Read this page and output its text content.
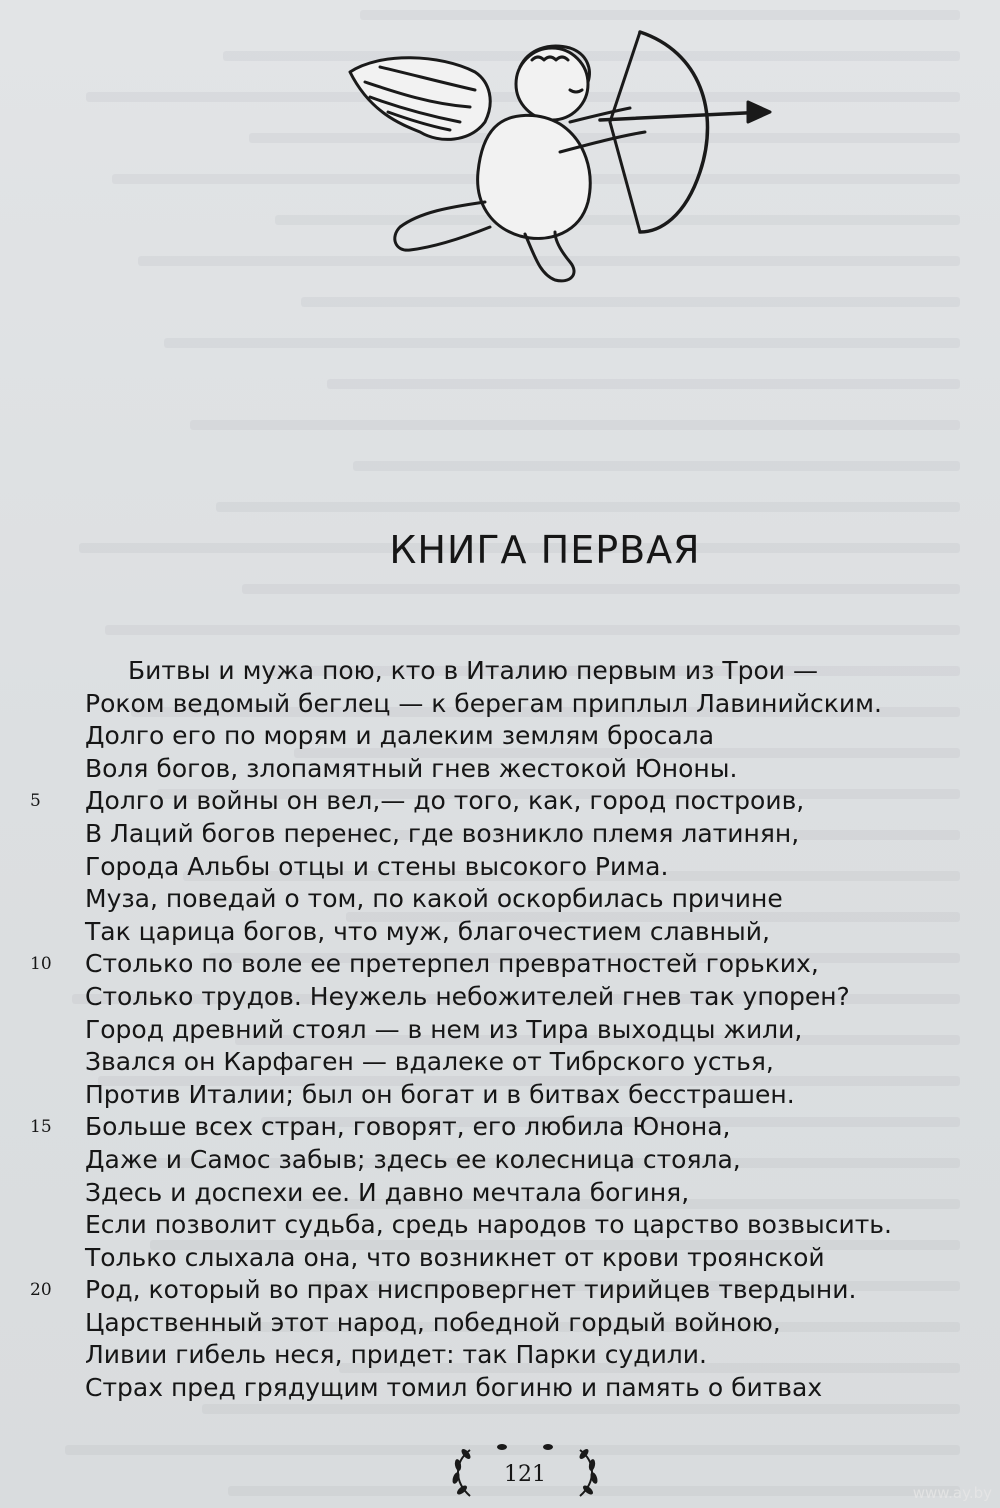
КНИГА ПЕРВАЯ
Битвы и мужа пою, кто в Италию первым из Трои —
Роком ведомый беглец — к берегам приплыл Лавинийским.
Долго его по морям и далеким землям бросала
Воля богов, злопамятный гнев жестокой Юноны.
5 Долго и войны он вел,— до того, как, город построив,
В Лаций богов перенес, где возникло племя латинян,
Города Альбы отцы и стены высокого Рима.
Муза, поведай о том, по какой оскорбилась причине
Так царица богов, что муж, благочестием славный,
10 Столько по воле ее претерпел превратностей горьких,
Столько трудов. Неужель небожителей гнев так упорен?
Город древний стоял — в нем из Тира выходцы жили,
Звался он Карфаген — вдалеке от Тибрского устья,
Против Италии; был он богат и в битвах бесстрашен.
15 Больше всех стран, говорят, его любила Юнона,
Даже и Самос забыв; здесь ее колесница стояла,
Здесь и доспехи ее. И давно мечтала богиня,
Если позволит судьба, средь народов то царство возвысить.
Только слыхала она, что возникнет от крови троянской
20 Род, который во прах ниспровергнет тирийцев твердыни.
Царственный этот народ, победной гордый войною,
Ливии гибель неся, придет: так Парки судили.
Страх пред грядущим томил богиню и память о битвах
121
www.ay.by
